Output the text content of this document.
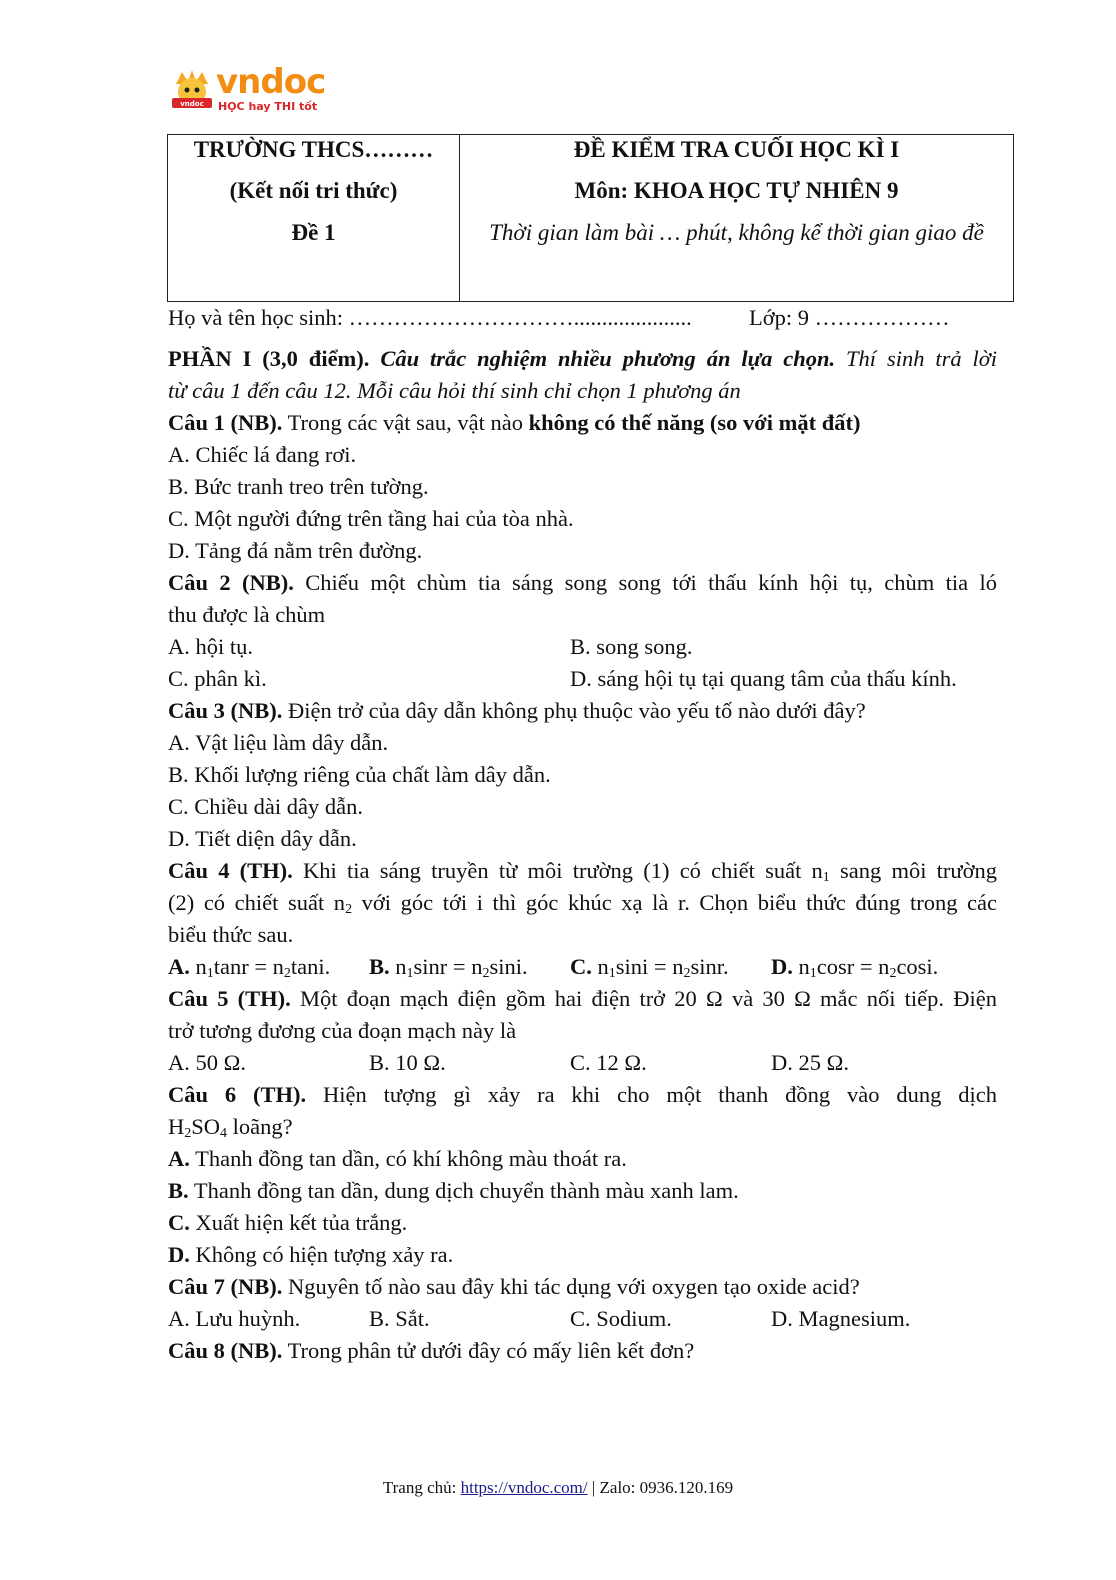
vndoc
vndoc
HỌC hay THI tốt
TRƯỜNG THCS………
(Kết nối tri thức)
Đề 1
ĐỀ KIỂM TRA CUỐI HỌC KÌ I
Môn: KHOA HỌC TỰ NHIÊN 9
Thời gian làm bài … phút, không kể thời gian giao đề
Họ và tên học sinh: ………………………….....................	Lớp: 9 ………………
PHẦN I (3,0 điểm). Câu trắc nghiệm nhiều phương án lựa chọn. Thí sinh trả lời
từ câu 1 đến câu 12. Mỗi câu hỏi thí sinh chỉ chọn 1 phương án
Câu 1 (NB). Trong các vật sau, vật nào không có thế năng (so với mặt đất)
A. Chiếc lá đang rơi.
B. Bức tranh treo trên tường.
C. Một người đứng trên tầng hai của tòa nhà.
D. Tảng đá nằm trên đường.
Câu 2 (NB). Chiếu một chùm tia sáng song song tới thấu kính hội tụ, chùm tia ló
thu được là chùm
A. hội tụ.	B. song song.
C. phân kì.	D. sáng hội tụ tại quang tâm của thấu kính.
Câu 3 (NB). Điện trở của dây dẫn không phụ thuộc vào yếu tố nào dưới đây?
A. Vật liệu làm dây dẫn.
B. Khối lượng riêng của chất làm dây dẫn.
C. Chiều dài dây dẫn.
D. Tiết diện dây dẫn.
Câu 4 (TH). Khi tia sáng truyền từ môi trường (1) có chiết suất $n_1$ sang môi trường
(2) có chiết suất $n_2$ với góc tới i thì góc khúc xạ là r. Chọn biểu thức đúng trong các
biểu thức sau.
A. $n_1\tan r = n_2\tan i$. B. $n_1\sin r = n_2\sin i$. C. $n_1\sin i = n_2\sin r$. D. $n_1\cos r = n_2\cos i$.
Câu 5 (TH). Một đoạn mạch điện gồm hai điện trở 20 Ω và 30 Ω mắc nối tiếp. Điện
trở tương đương của đoạn mạch này là
A. 50 Ω.	B. 10 Ω.	C. 12 Ω.	D. 25 Ω.
Câu 6 (TH). Hiện tượng gì xảy ra khi cho một thanh đồng vào dung dịch
$H_2SO_4$ loãng?
A. Thanh đồng tan dần, có khí không màu thoát ra.
B. Thanh đồng tan dần, dung dịch chuyển thành màu xanh lam.
C. Xuất hiện kết tủa trắng.
D. Không có hiện tượng xảy ra.
Câu 7 (NB). Nguyên tố nào sau đây khi tác dụng với oxygen tạo oxide acid?
A. Lưu huỳnh.	B. Sắt.	C. Sodium.	D. Magnesium.
Câu 8 (NB). Trong phân tử dưới đây có mấy liên kết đơn?
Trang chủ: https://vndoc.com/ | Zalo: 0936.120.169
